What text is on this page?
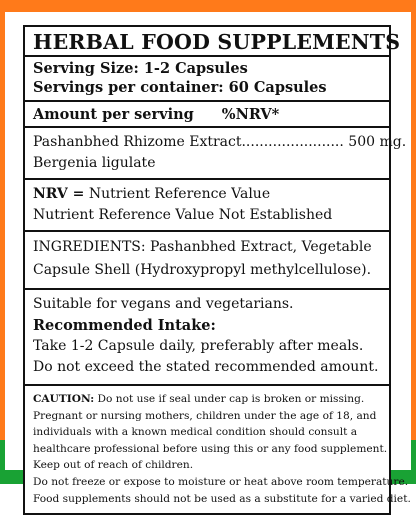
HERBAL FOOD SUPPLEMENTS
Serving Size: 1-2 Capsules
Servings per container: 60 Capsules
Amount per serving %NRV*
Pashanbhed Rhizome Extract....................... 500 mg.
Bergenia ligulate
NRV = Nutrient Reference Value
Nutrient Reference Value Not Established
INGREDIENTS: Pashanbhed Extract, Vegetable
Capsule Shell (Hydroxypropyl methylcellulose).
Suitable for vegans and vegetarians.
Recommended Intake:
Take 1-2 Capsule daily, preferably after meals.
Do not exceed the stated recommended amount.
CAUTION: Do not use if seal under cap is broken or missing.
Pregnant or nursing mothers, children under the age of 18, and
individuals with a known medical condition should consult a
healthcare professional before using this or any food supplement.
Keep out of reach of children.
Do not freeze or expose to moisture or heat above room temperature.
Food supplements should not be used as a substitute for a varied diet.
